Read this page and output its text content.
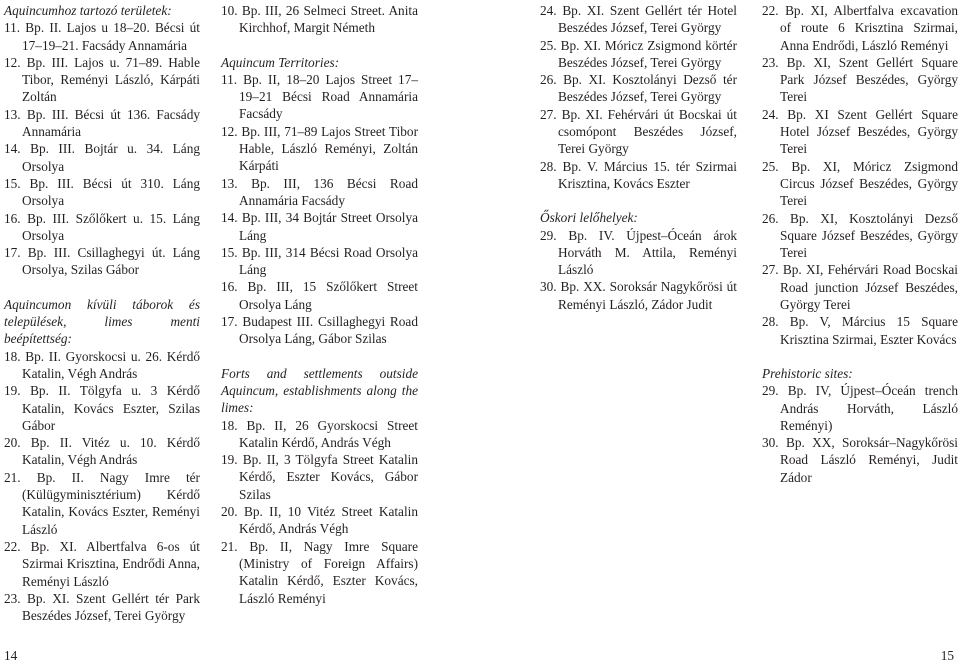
Aquincumhoz tartozó területek:
11. Bp. II. Lajos u 18–20. Bécsi út 17–19–21. Facsády Annamária
12. Bp. III. Lajos u. 71–89. Hable Tibor, Reményi László, Kárpáti Zoltán
13. Bp. III. Bécsi út 136. Facsády Annamária
14. Bp. III. Bojtár u. 34. Láng Orsolya
15. Bp. III. Bécsi út 310. Láng Orsolya
16. Bp. III. Szőlőkert u. 15. Láng Orsolya
17. Bp. III. Csillaghegyi út. Láng Orsolya, Szilas Gábor
Aquincumon kívüli táborok és települések, limes menti beépítettség:
18. Bp. II. Gyorskocsi u. 26. Kérdő Katalin, Végh András
19. Bp. II. Tölgyfa u. 3 Kérdő Katalin, Kovács Eszter, Szilas Gábor
20. Bp. II. Vitéz u. 10. Kérdő Katalin, Végh András
21. Bp. II. Nagy Imre tér (Külügyminisztérium) Kérdő Katalin, Kovács Eszter, Reményi László
22. Bp. XI. Albertfalva 6-os út Szirmai Krisztina, Endrődi Anna, Reményi László
23. Bp. XI. Szent Gellért tér Park Beszédes József, Terei György
10. Bp. III, 26 Selmeci Street. Anita Kirchhof, Margit Németh
Aquincum Territories:
11. Bp. II, 18–20 Lajos Street 17–19–21 Bécsi Road Annamária Facsády
12. Bp. III, 71–89 Lajos Street Tibor Hable, László Reményi, Zoltán Kárpáti
13. Bp. III, 136 Bécsi Road Annamária Facsády
14. Bp. III, 34 Bojtár Street Orsolya Láng
15. Bp. III, 314 Bécsi Road Orsolya Láng
16. Bp. III, 15 Szőlőkert Street Orsolya Láng
17. Budapest III. Csillaghegyi Road Orsolya Láng, Gábor Szilas
Forts and settlements outside Aquincum, establishments along the limes:
18. Bp. II, 26 Gyorskocsi Street Katalin Kérdő, András Végh
19. Bp. II, 3 Tölgyfa Street Katalin Kérdő, Eszter Kovács, Gábor Szilas
20. Bp. II, 10 Vitéz Street Katalin Kérdő, András Végh
21. Bp. II, Nagy Imre Square (Ministry of Foreign Affairs) Katalin Kérdő, Eszter Kovács, László Reményi
24. Bp. XI. Szent Gellért tér Hotel Beszédes József, Terei György
25. Bp. XI. Móricz Zsigmond körtér Beszédes József, Terei György
26. Bp. XI. Kosztolányi Dezső tér Beszédes József, Terei György
27. Bp. XI. Fehérvári út Bocskai út csomópont Beszédes József, Terei György
28. Bp. V. Március 15. tér Szirmai Krisztina, Kovács Eszter
Őskori lelőhelyek:
29. Bp. IV. Újpest–Óceán árok Horváth M. Attila, Reményi László
30. Bp. XX. Soroksár Nagykőrösi út Reményi László, Zádor Judit
22. Bp. XI, Albertfalva excavation of route 6 Krisztina Szirmai, Anna Endrődi, László Reményi
23. Bp. XI, Szent Gellért Square Park József Beszédes, György Terei
24. Bp. XI Szent Gellért Square Hotel József Beszédes, György Terei
25. Bp. XI, Móricz Zsigmond Circus József Beszédes, György Terei
26. Bp. XI, Kosztolányi Dezső Square József Beszédes, György Terei
27. Bp. XI, Fehérvári Road Bocskai Road junction József Beszédes, György Terei
28. Bp. V, Március 15 Square Krisztina Szirmai, Eszter Kovács
Prehistoric sites:
29. Bp. IV, Újpest–Óceán trench András Horváth, László Reményi)
30. Bp. XX, Soroksár–Nagykőrösi Road László Reményi, Judit Zádor
14	15
